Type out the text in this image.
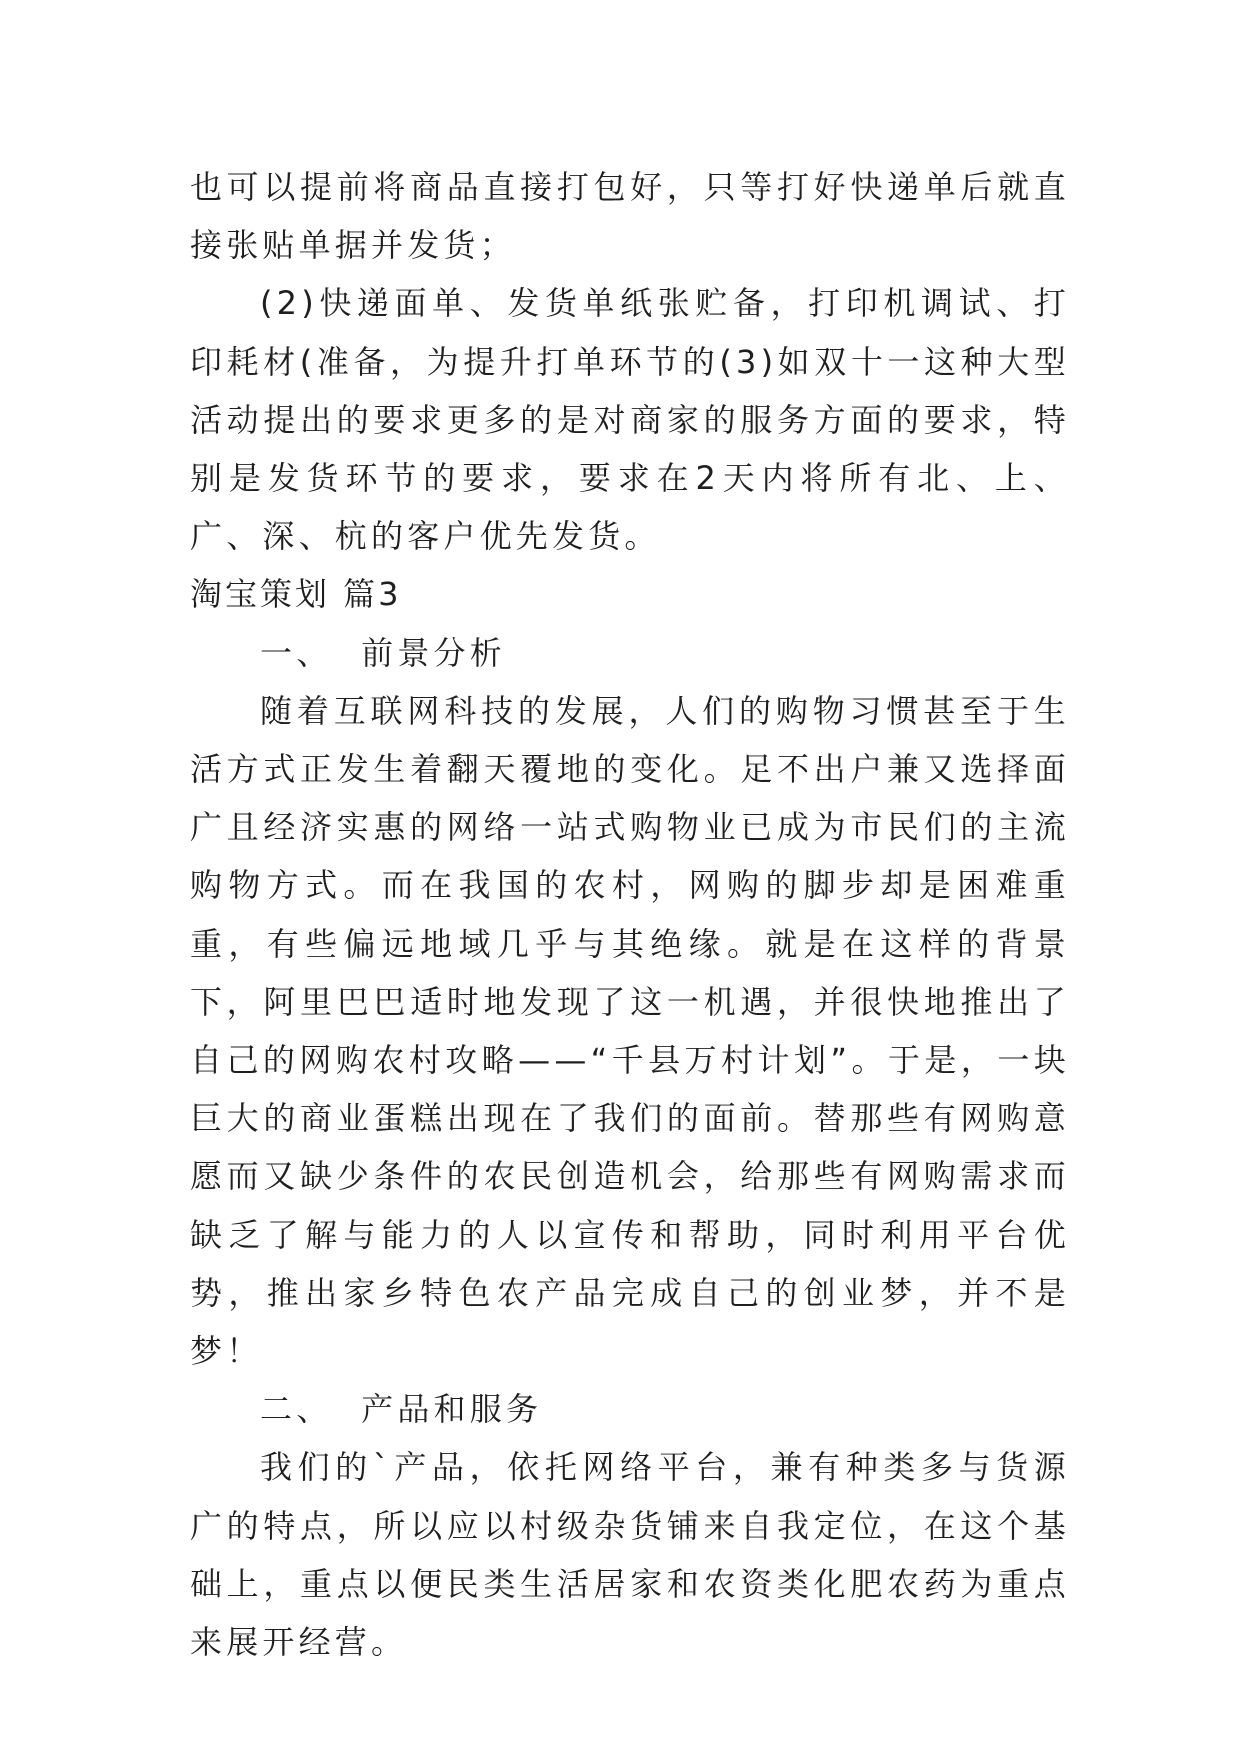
也可以提前将商品直接打包好，只等打好快递单后就直接张贴单据并发货；

(2)快递面单、发货单纸张贮备，打印机调试、打印耗材(准备，为提升打单环节的(3)如双十一这种大型活动提出的要求更多的是对商家的服务方面的要求，特别是发货环节的要求，要求在2天内将所有北、上、广、深、杭的客户优先发货。

淘宝策划 篇3

一、  前景分析

随着互联网科技的发展，人们的购物习惯甚至于生活方式正发生着翻天覆地的变化。足不出户兼又选择面广且经济实惠的网络一站式购物业已成为市民们的主流购物方式。而在我国的农村，网购的脚步却是困难重重，有些偏远地域几乎与其绝缘。就是在这样的背景下，阿里巴巴适时地发现了这一机遇，并很快地推出了自己的网购农村攻略——“千县万村计划”。于是，一块巨大的商业蛋糕出现在了我们的面前。替那些有网购意愿而又缺少条件的农民创造机会，给那些有网购需求而缺乏了解与能力的人以宣传和帮助，同时利用平台优势，推出家乡特色农产品完成自己的创业梦，并不是梦！

二、  产品和服务

我们的`产品，依托网络平台，兼有种类多与货源广的特点，所以应以村级杂货铺来自我定位，在这个基础上，重点以便民类生活居家和农资类化肥农药为重点来展开经营。
